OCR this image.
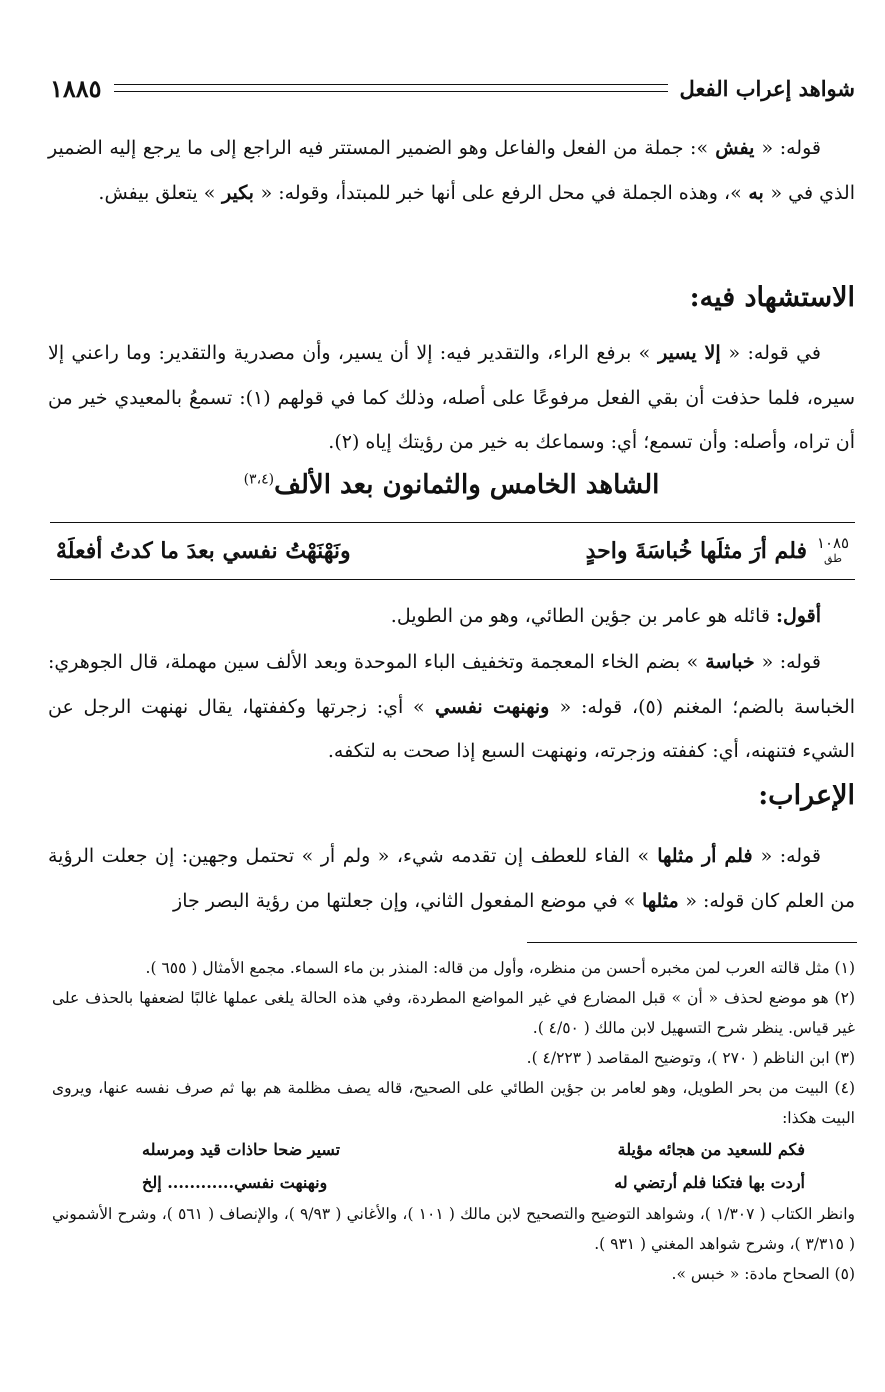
شواهد إعراب الفعل
١٨٨٥

قوله: « يفش »: جملة من الفعل والفاعل وهو الضمير المستتر فيه الراجع إلى ما يرجع إليه الضمير الذي في « به »، وهذه الجملة في محل الرفع على أنها خبر للمبتدأ، وقوله: « بكير » يتعلق بيفش.

الاستشهاد فيه:

في قوله: « إلا يسير » برفع الراء، والتقدير فيه: إلا أن يسير، وأن مصدرية والتقدير: وما راعني إلا سيره، فلما حذفت أن بقي الفعل مرفوعًا على أصله، وذلك كما في قولهم (١): تسمعُ بالمعيدي خير من أن تراه، وأصله: وأن تسمع؛ أي: وسماعك به خير من رؤيتك إياه (٢).

الشاهد الخامس والثمانون بعد الألف$^{(٣،٤)}$
١٠٨٥
طق
فلم أرَ مثلَها خُباسَةَ واحدٍ
ونَهْنَهْتُ نفسي بعدَ ما كدتُ أفعلَهْ

أقول: قائله هو عامر بن جؤين الطائي، وهو من الطويل.

قوله: « خباسة » بضم الخاء المعجمة وتخفيف الباء الموحدة وبعد الألف سين مهملة، قال الجوهري: الخباسة بالضم؛ المغنم (٥)، قوله: « ونهنهت نفسي » أي: زجرتها وكففتها، يقال نهنهت الرجل عن الشيء فتنهنه، أي: كففته وزجرته، ونهنهت السبع إذا صحت به لتكفه.

الإعراب:

قوله: « فلم أر مثلها » الفاء للعطف إن تقدمه شيء، « ولم أر » تحتمل وجهين: إن جعلت الرؤية من العلم كان قوله: « مثلها » في موضع المفعول الثاني، وإن جعلتها من رؤية البصر جاز

(١) مثل قالته العرب لمن مخبره أحسن من منظره، وأول من قاله: المنذر بن ماء السماء. مجمع الأمثال ( ٦٥٥ ).

(٢) هو موضع لحذف « أن » قبل المضارع في غير المواضع المطردة، وفي هذه الحالة يلغى عملها غالبًا لضعفها بالحذف على غير قياس. ينظر شرح التسهيل لابن مالك ( ٤/٥٠ ).

(٣) ابن الناظم ( ٢٧٠ )، وتوضيح المقاصد ( ٤/٢٢٣ ).

(٤) البيت من بحر الطويل، وهو لعامر بن جؤين الطائي على الصحيح، قاله يصف مظلمة هم بها ثم صرف نفسه عنها، ويروى البيت هكذا:

فكم للسعيد من هجائه مؤيلة
تسير ضحا حاذات قيد ومرسله
أردت بها فتكنا فلم أرتضي له
ونهنهت نفسي............ إلخ

وانظر الكتاب ( ١/٣٠٧ )، وشواهد التوضيح والتصحيح لابن مالك ( ١٠١ )، والأغاني ( ٩/٩٣ )، والإنصاف ( ٥٦١ )، وشرح الأشموني ( ٣/٣١٥ )، وشرح شواهد المغني ( ٩٣١ ).

(٥) الصحاح مادة: « خبس ».
